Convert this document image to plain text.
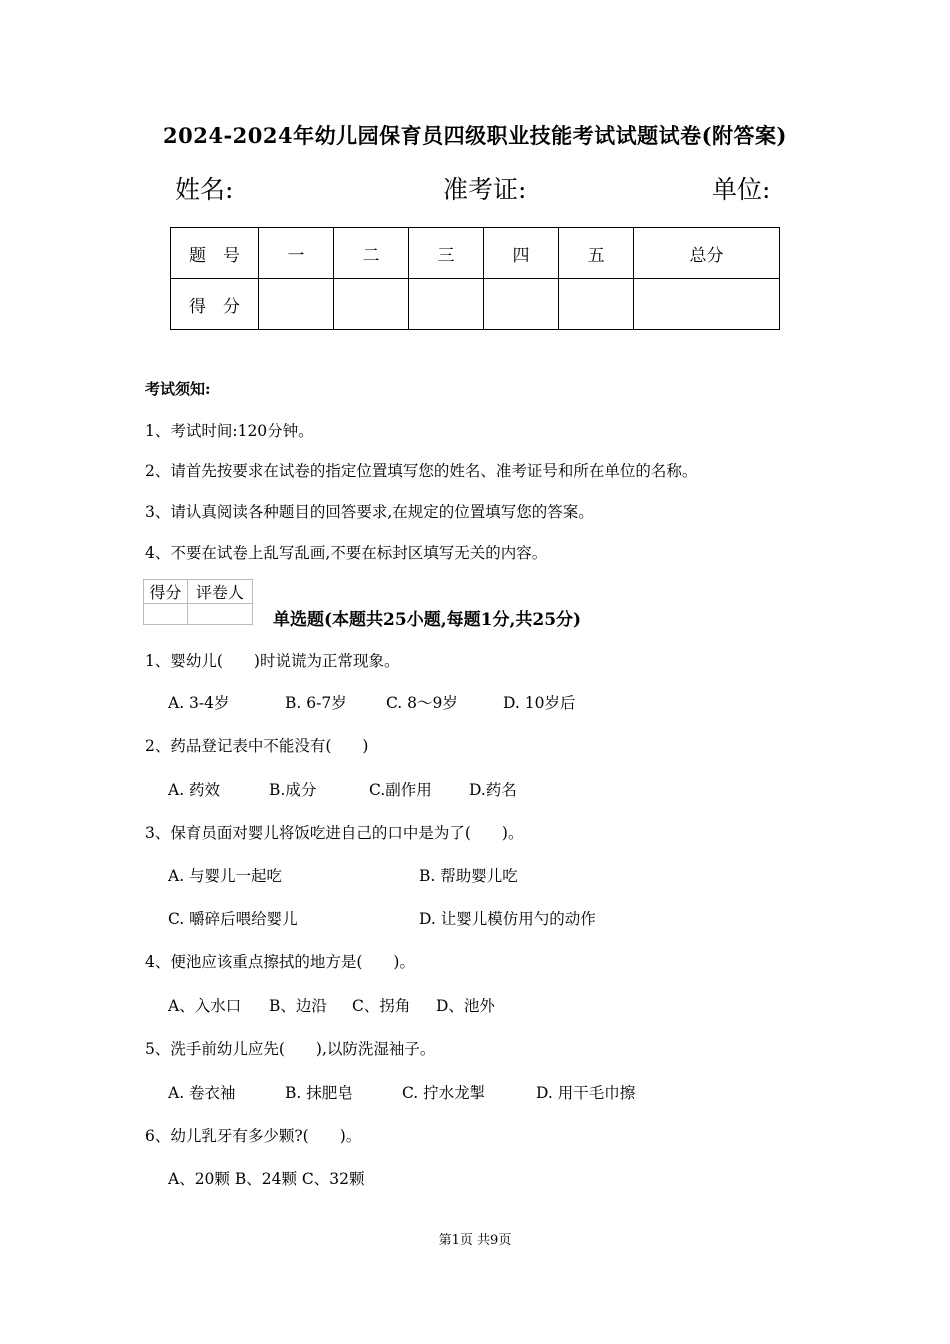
2024-2024年幼儿园保育员四级职业技能考试试题试卷(附答案)
姓名:	准考证:	单位:
题　号	一	二	三	四	五	总分
得　分						
考试须知:
1、考试时间:120分钟。
2、请首先按要求在试卷的指定位置填写您的姓名、准考证号和所在单位的名称。
3、请认真阅读各种题目的回答要求,在规定的位置填写您的答案。
4、不要在试卷上乱写乱画,不要在标封区填写无关的内容。
得分	评卷人

单选题(本题共25小题,每题1分,共25分)
1、婴幼儿(　　)时说谎为正常现象。
A. 3-4岁	B. 6-7岁	C. 8～9岁	D. 10岁后
2、药品登记表中不能没有(　　)
A. 药效	B.成分	C.副作用 D.药名
3、保育员面对婴儿将饭吃进自己的口中是为了(　　)。
A. 与婴儿一起吃	B. 帮助婴儿吃
C. 嚼碎后喂给婴儿	D. 让婴儿模仿用勺的动作
4、便池应该重点擦拭的地方是(　　)。
A、入水口 B、边沿 C、拐角 D、池外
5、洗手前幼儿应先(　　),以防洗湿袖子。
A. 卷衣袖	B. 抹肥皂	C. 拧水龙掣	D. 用干毛巾擦
6、幼儿乳牙有多少颗?(　　)。
A、20颗 B、24颗 C、32颗
第1页 共9页
